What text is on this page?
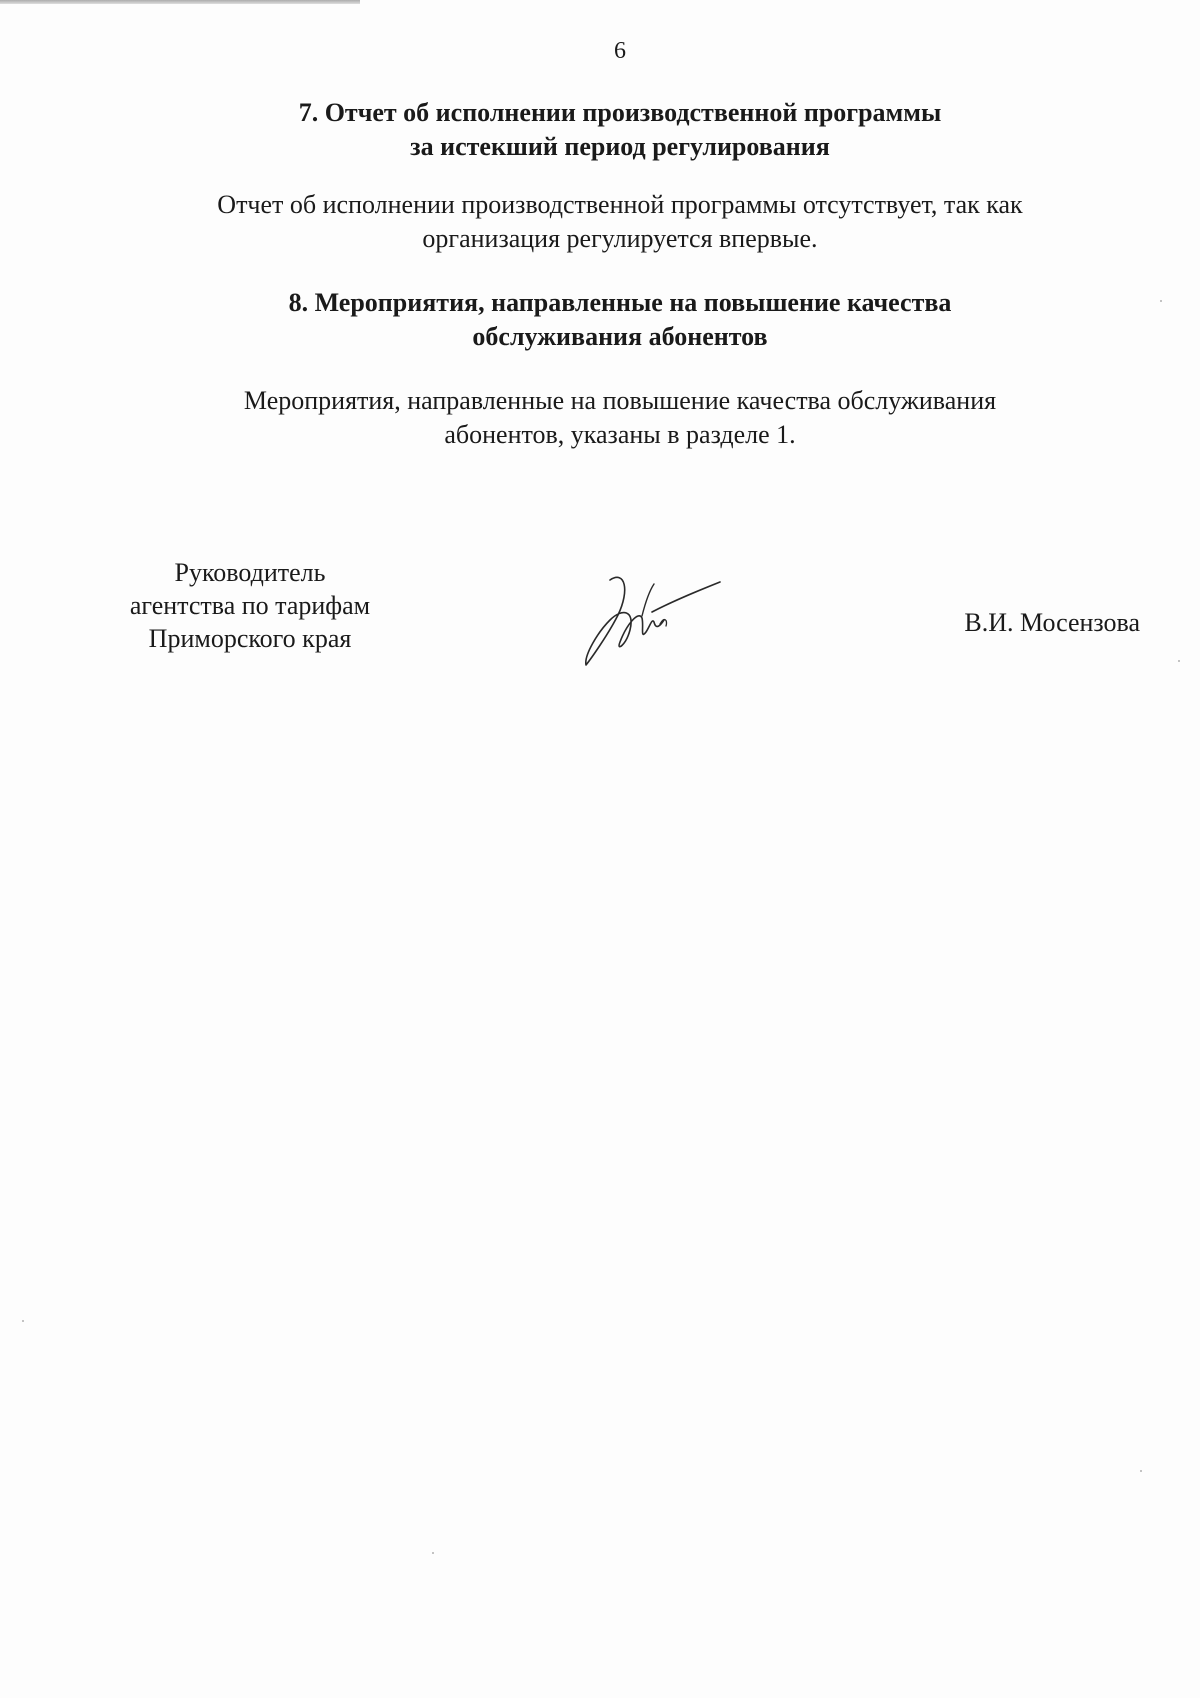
6
7. Отчет об исполнении производственной программы
за истекший период регулирования
Отчет об исполнении производственной программы отсутствует, так как
организация регулируется впервые.
8. Мероприятия, направленные на повышение качества
обслуживания абонентов
Мероприятия, направленные на повышение качества обслуживания
абонентов, указаны в разделе 1.
Руководитель
агентства по тарифам
Приморского края
В.И. Мосензова
